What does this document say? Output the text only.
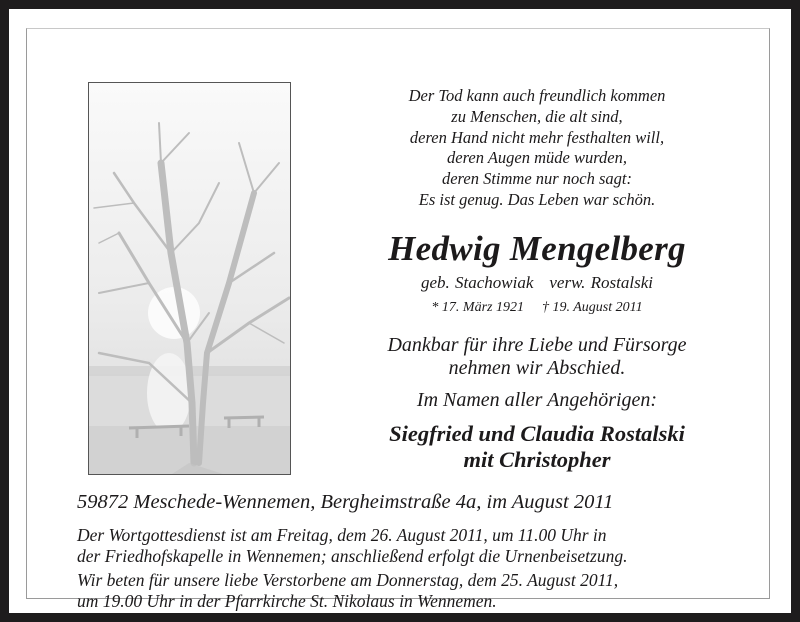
Der Tod kann auch freundlich kommen
zu Menschen, die alt sind,
deren Hand nicht mehr festhalten will,
deren Augen müde wurden,
deren Stimme nur noch sagt:
Es ist genug. Das Leben war schön.
Hedwig Mengelberg
geb. Stachowiak verw. Rostalski
* 17. März 1921 † 19. August 2011
Dankbar für ihre Liebe und Fürsorge
nehmen wir Abschied.
Im Namen aller Angehörigen:
Siegfried und Claudia Rostalski
mit Christopher
59872 Meschede-Wennemen, Bergheimstraße 4a, im August 2011
Der Wortgottesdienst ist am Freitag, dem 26. August 2011, um 11.00 Uhr in
der Friedhofskapelle in Wennemen; anschließend erfolgt die Urnenbeisetzung.
Wir beten für unsere liebe Verstorbene am Donnerstag, dem 25. August 2011,
um 19.00 Uhr in der Pfarrkirche St. Nikolaus in Wennemen.
